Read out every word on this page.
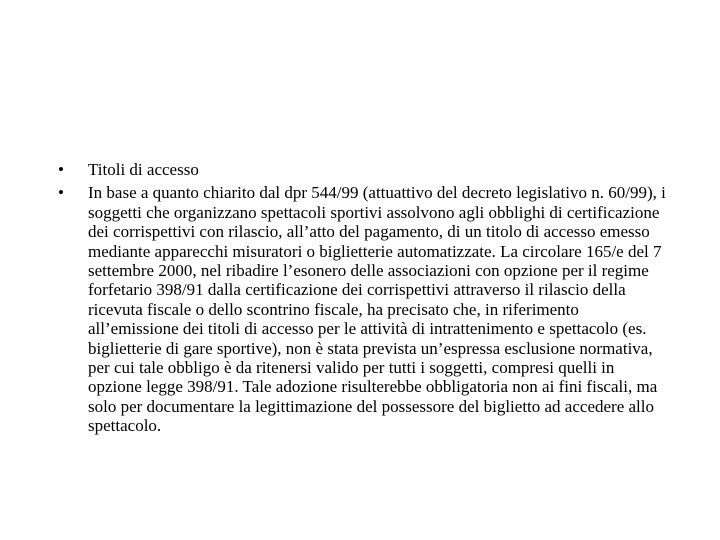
•	Titoli di accesso
•	In base a quanto chiarito dal dpr 544/99 (attuattivo del decreto legislativo n. 60/99), i soggetti che organizzano spettacoli sportivi assolvono agli obblighi di certificazione dei corrispettivi con rilascio, all’atto del pagamento, di un titolo di accesso emesso mediante apparecchi misuratori o biglietterie automatizzate. La circolare 165/e del 7 settembre 2000, nel ribadire l’esonero delle associazioni con opzione per il regime forfetario 398/91 dalla certificazione dei corrispettivi attraverso il rilascio della ricevuta fiscale o dello scontrino fiscale, ha precisato che, in riferimento all’emissione dei titoli di accesso per le attività di intrattenimento e spettacolo (es. biglietterie di gare sportive), non è stata prevista un’espressa esclusione normativa, per cui tale obbligo è da ritenersi valido per tutti i soggetti, compresi quelli in opzione legge 398/91. Tale adozione risulterebbe obbligatoria non ai fini fiscali, ma solo per documentare la legittimazione del possessore del biglietto ad accedere allo spettacolo.
